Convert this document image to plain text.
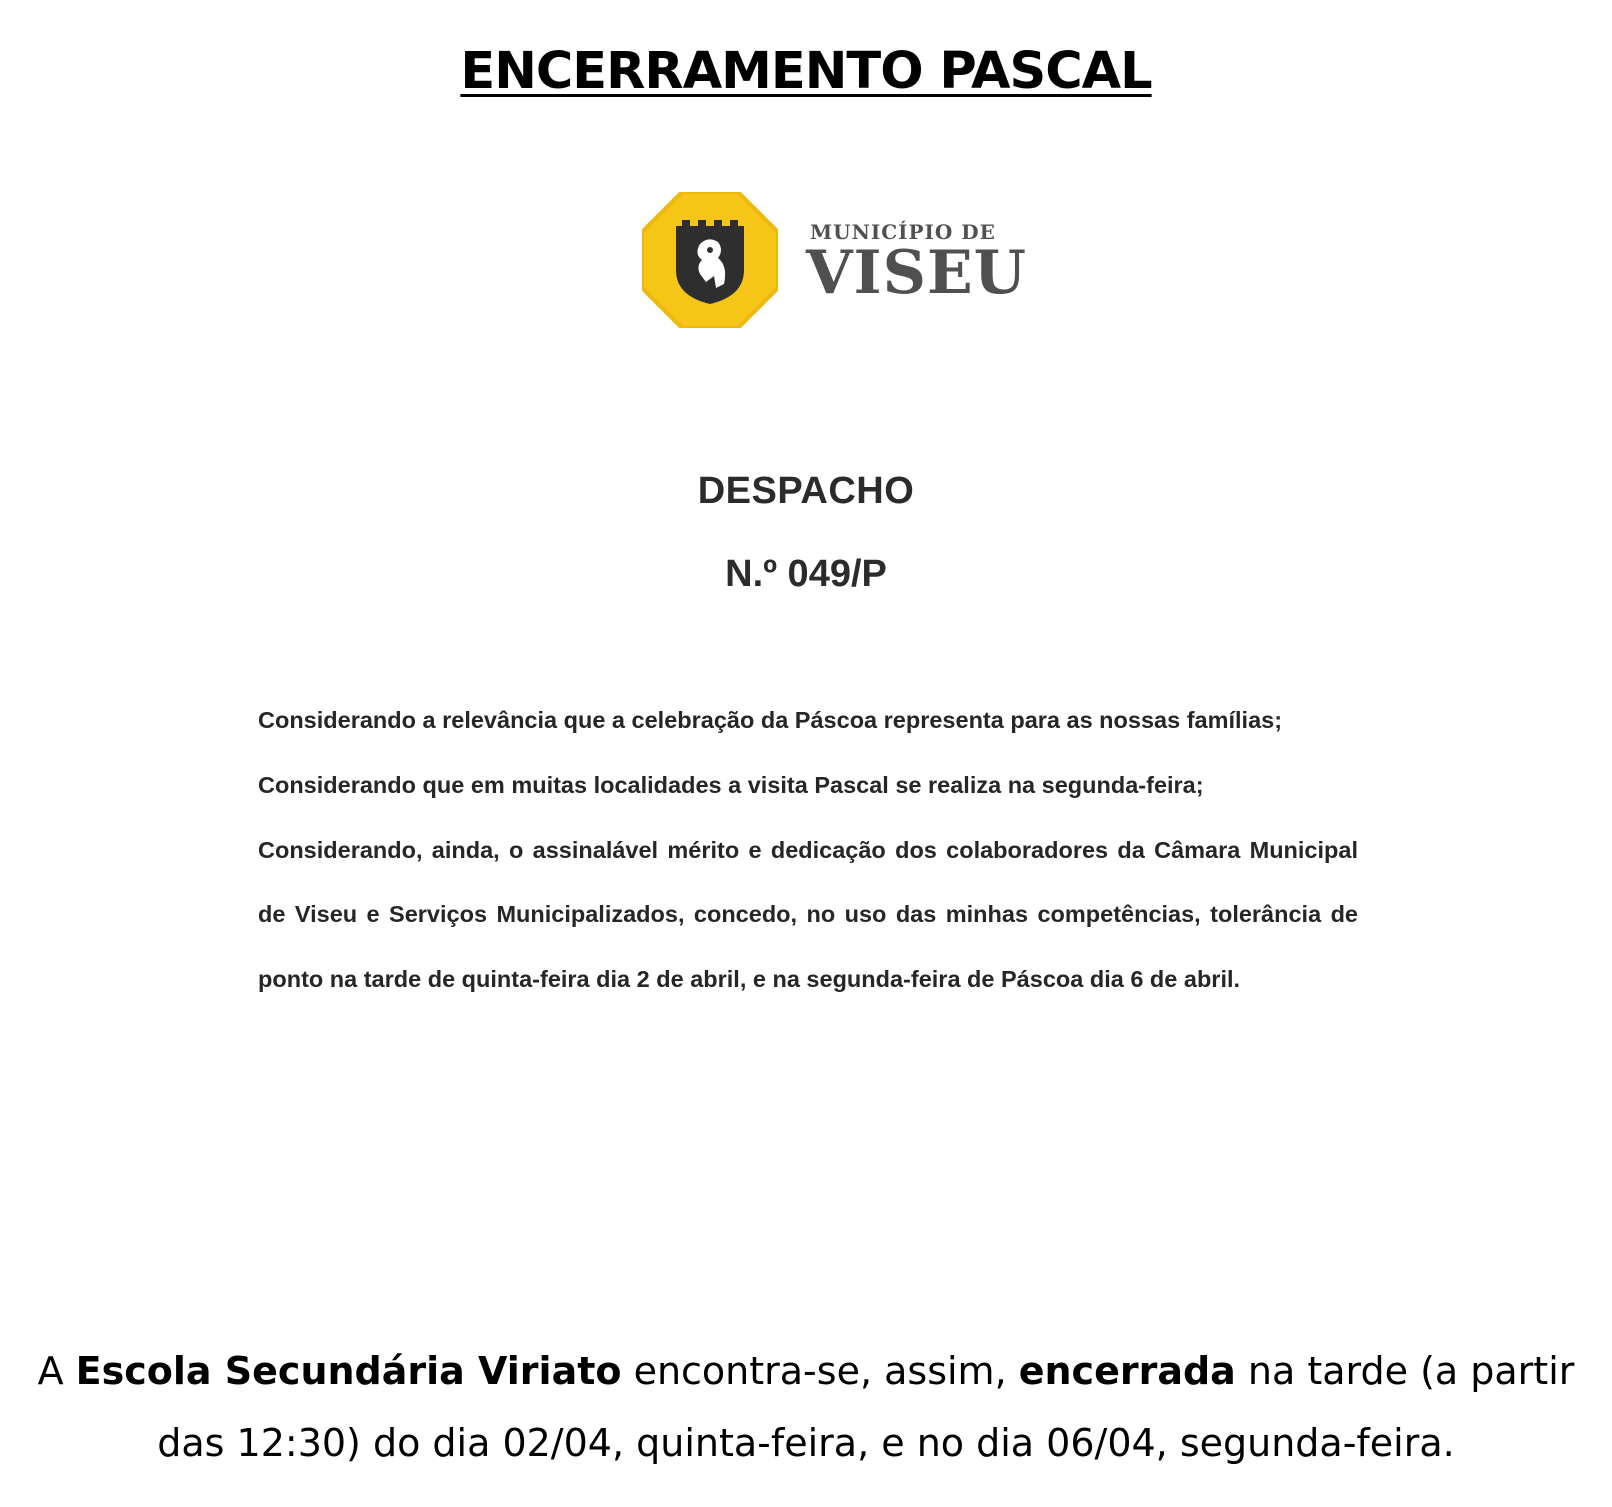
ENCERRAMENTO PASCAL
MUNICÍPIO DE
VISEU
DESPACHO
N.º 049/P

Considerando a relevância que a celebração da Páscoa representa para as nossas famílias;

Considerando que em muitas localidades a visita Pascal se realiza na segunda-feira;

Considerando, ainda, o assinalável mérito e dedicação dos colaboradores da Câmara Municipal de Viseu e Serviços Municipalizados, concedo, no uso das minhas competências, tolerância de ponto na tarde de quinta-feira dia 2 de abril, e na segunda-feira de Páscoa dia 6 de abril.

A Escola Secundária Viriato encontra-se, assim, encerrada na tarde (a partir das 12:30) do dia 02/04, quinta-feira, e no dia 06/04, segunda-feira.
